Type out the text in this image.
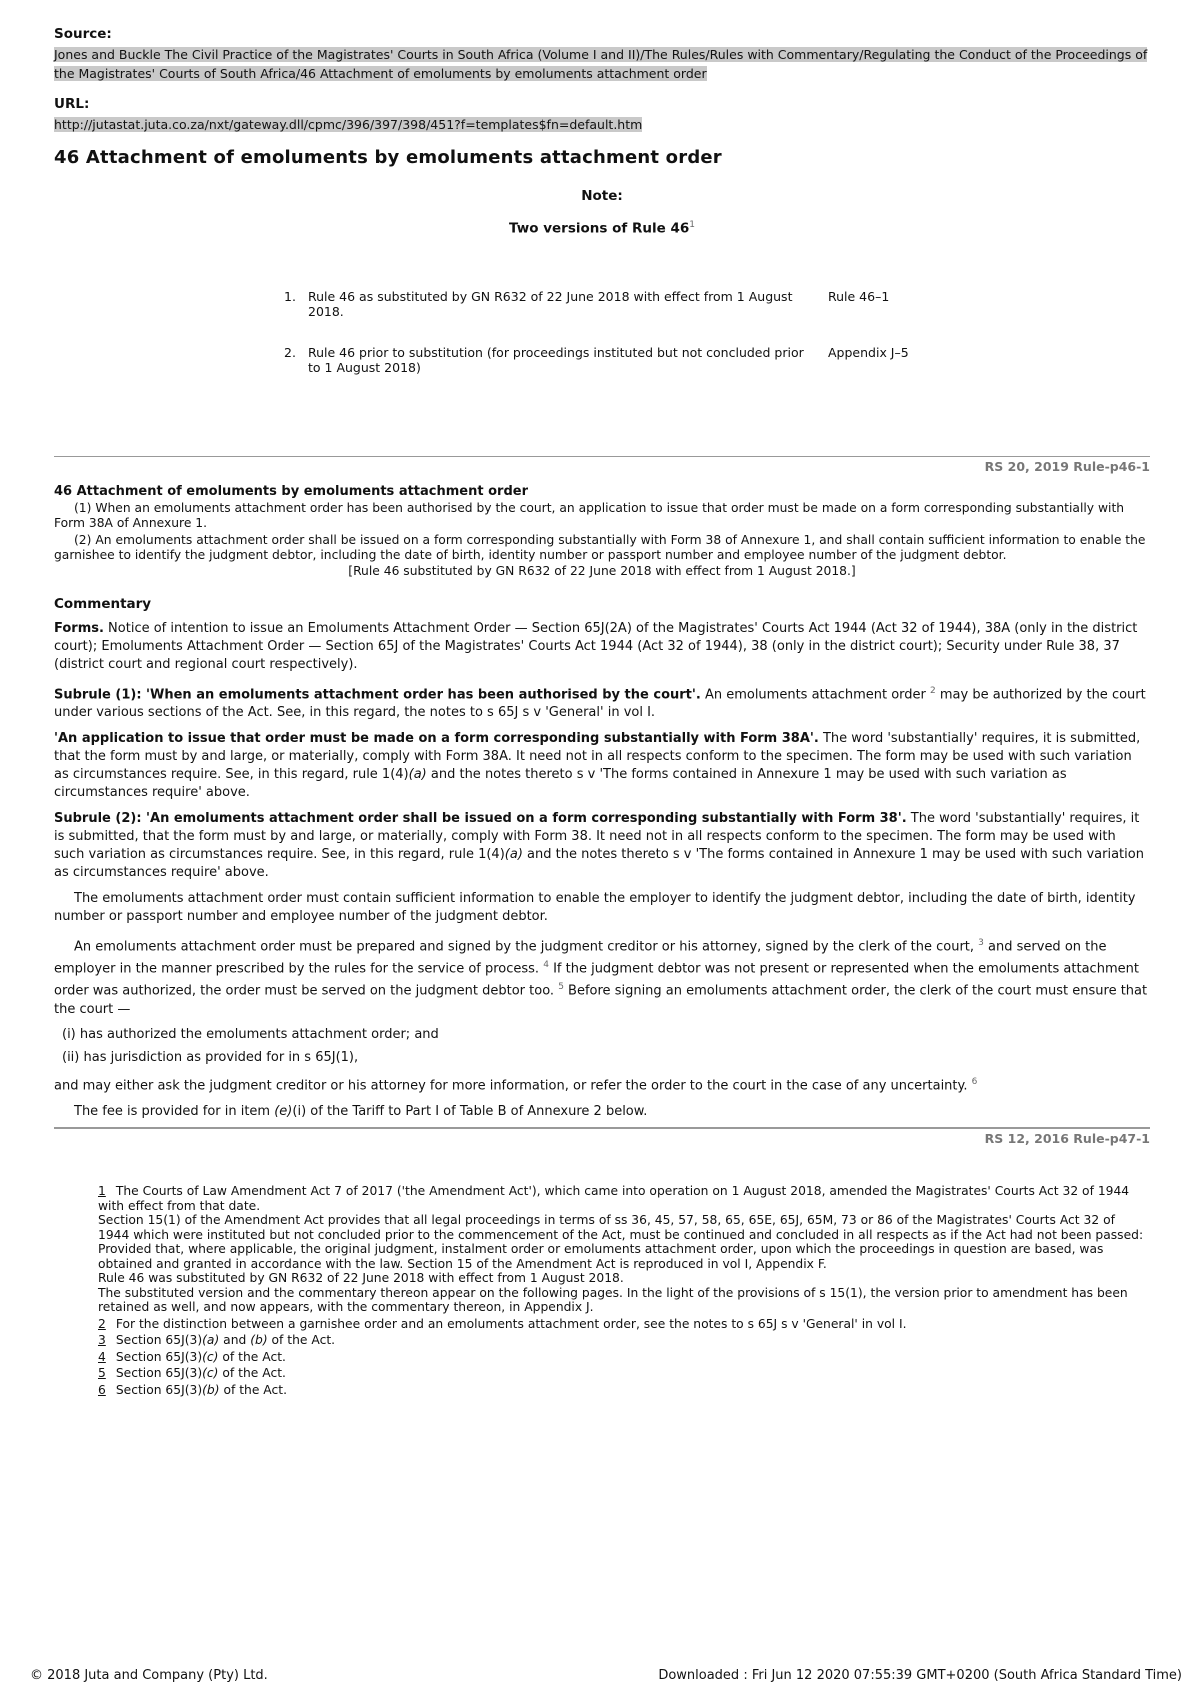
Source:

Jones and Buckle The Civil Practice of the Magistrates' Courts in South Africa (Volume I and II)/The Rules/Rules with Commentary/Regulating the Conduct of the Proceedings of the Magistrates' Courts of South Africa/46 Attachment of emoluments by emoluments attachment order

URL:

http://jutastat.juta.co.za/nxt/gateway.dll/cpmc/396/397/398/451?f=templates$fn=default.htm
46 Attachment of emoluments by emoluments attachment order
Note:
Two versions of Rule $46^1$
1.	Rule 46 as substituted by GN R632 of 22 June 2018 with effect from 1 August 2018.	Rule 46–1
2.	Rule 46 prior to substitution (for proceedings instituted but not concluded prior to 1 August 2018)	Appendix J–5
RS 20, 2019 Rule-p46-1
46 Attachment of emoluments by emoluments attachment order

(1) When an emoluments attachment order has been authorised by the court, an application to issue that order must be made on a form corresponding substantially with Form 38A of Annexure 1.

(2) An emoluments attachment order shall be issued on a form corresponding substantially with Form 38 of Annexure 1, and shall contain sufficient information to enable the garnishee to identify the judgment debtor, including the date of birth, identity number or passport number and employee number of the judgment debtor.

[Rule 46 substituted by GN R632 of 22 June 2018 with effect from 1 August 2018.]
Commentary

Forms. Notice of intention to issue an Emoluments Attachment Order — Section 65J(2A) of the Magistrates' Courts Act 1944 (Act 32 of 1944), 38A (only in the district court); Emoluments Attachment Order — Section 65J of the Magistrates' Courts Act 1944 (Act 32 of 1944), 38 (only in the district court); Security under Rule 38, 37 (district court and regional court respectively).

Subrule (1): 'When an emoluments attachment order has been authorised by the court'. An emoluments attachment order $^2$ may be authorized by the court under various sections of the Act. See, in this regard, the notes to s 65J s v 'General' in vol I.

'An application to issue that order must be made on a form corresponding substantially with Form 38A'. The word 'substantially' requires, it is submitted, that the form must by and large, or materially, comply with Form 38A. It need not in all respects conform to the specimen. The form may be used with such variation as circumstances require. See, in this regard, rule 1(4)(a) and the notes thereto s v 'The forms contained in Annexure 1 may be used with such variation as circumstances require' above.

Subrule (2): 'An emoluments attachment order shall be issued on a form corresponding substantially with Form 38'. The word 'substantially' requires, it is submitted, that the form must by and large, or materially, comply with Form 38. It need not in all respects conform to the specimen. The form may be used with such variation as circumstances require. See, in this regard, rule 1(4)(a) and the notes thereto s v 'The forms contained in Annexure 1 may be used with such variation as circumstances require' above.

The emoluments attachment order must contain sufficient information to enable the employer to identify the judgment debtor, including the date of birth, identity number or passport number and employee number of the judgment debtor.

An emoluments attachment order must be prepared and signed by the judgment creditor or his attorney, signed by the clerk of the court, $^3$ and served on the employer in the manner prescribed by the rules for the service of process. $^4$ If the judgment debtor was not present or represented when the emoluments attachment order was authorized, the order must be served on the judgment debtor too. $^5$ Before signing an emoluments attachment order, the clerk of the court must ensure that the court —

(i) has authorized the emoluments attachment order; and
(ii) has jurisdiction as provided for in s 65J(1),

and may either ask the judgment creditor or his attorney for more information, or refer the order to the court in the case of any uncertainty. $^6$

The fee is provided for in item (e)(i) of the Tariff to Part I of Table B of Annexure 2 below.

RS 12, 2016 Rule-p47-1
1 The Courts of Law Amendment Act 7 of 2017 ('the Amendment Act'), which came into operation on 1 August 2018, amended the Magistrates' Courts Act 32 of 1944 with effect from that date.
Section 15(1) of the Amendment Act provides that all legal proceedings in terms of ss 36, 45, 57, 58, 65, 65E, 65J, 65M, 73 or 86 of the Magistrates' Courts Act 32 of 1944 which were instituted but not concluded prior to the commencement of the Act, must be continued and concluded in all respects as if the Act had not been passed: Provided that, where applicable, the original judgment, instalment order or emoluments attachment order, upon which the proceedings in question are based, was obtained and granted in accordance with the law. Section 15 of the Amendment Act is reproduced in vol I, Appendix F.
Rule 46 was substituted by GN R632 of 22 June 2018 with effect from 1 August 2018.
The substituted version and the commentary thereon appear on the following pages. In the light of the provisions of s 15(1), the version prior to amendment has been retained as well, and now appears, with the commentary thereon, in Appendix J.
2 For the distinction between a garnishee order and an emoluments attachment order, see the notes to s 65J s v 'General' in vol I.
3 Section 65J(3)(a) and (b) of the Act.
4 Section 65J(3)(c) of the Act.
5 Section 65J(3)(c) of the Act.
6 Section 65J(3)(b) of the Act.
© 2018 Juta and Company (Pty) Ltd.	Downloaded : Fri Jun 12 2020 07:55:39 GMT+0200 (South Africa Standard Time)
